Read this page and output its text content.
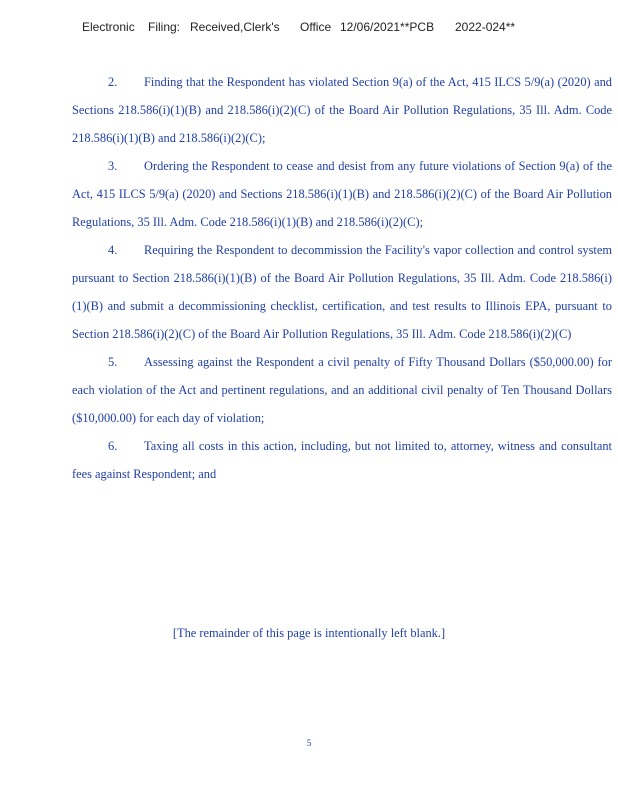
Electronic Filing: Received,Clerk's Office 12/06/2021**PCB 2022-024**

2. Finding that the Respondent has violated Section 9(a) of the Act, 415 ILCS 5/9(a) (2020) and Sections 218.586(i)(1)(B) and 218.586(i)(2)(C) of the Board Air Pollution Regulations, 35 Ill. Adm. Code 218.586(i)(1)(B) and 218.586(i)(2)(C);

3. Ordering the Respondent to cease and desist from any future violations of Section 9(a) of the Act, 415 ILCS 5/9(a) (2020) and Sections 218.586(i)(1)(B) and 218.586(i)(2)(C) of the Board Air Pollution Regulations, 35 Ill. Adm. Code 218.586(i)(1)(B) and 218.586(i)(2)(C);

4. Requiring the Respondent to decommission the Facility's vapor collection and control system pursuant to Section 218.586(i)(1)(B) of the Board Air Pollution Regulations, 35 Ill. Adm. Code 218.586(i)(1)(B) and submit a decommissioning checklist, certification, and test results to Illinois EPA, pursuant to Section 218.586(i)(2)(C) of the Board Air Pollution Regulations, 35 Ill. Adm. Code 218.586(i)(2)(C)

5. Assessing against the Respondent a civil penalty of Fifty Thousand Dollars ($50,000.00) for each violation of the Act and pertinent regulations, and an additional civil penalty of Ten Thousand Dollars ($10,000.00) for each day of violation;

6. Taxing all costs in this action, including, but not limited to, attorney, witness and consultant fees against Respondent; and

[The remainder of this page is intentionally left blank.]
5
